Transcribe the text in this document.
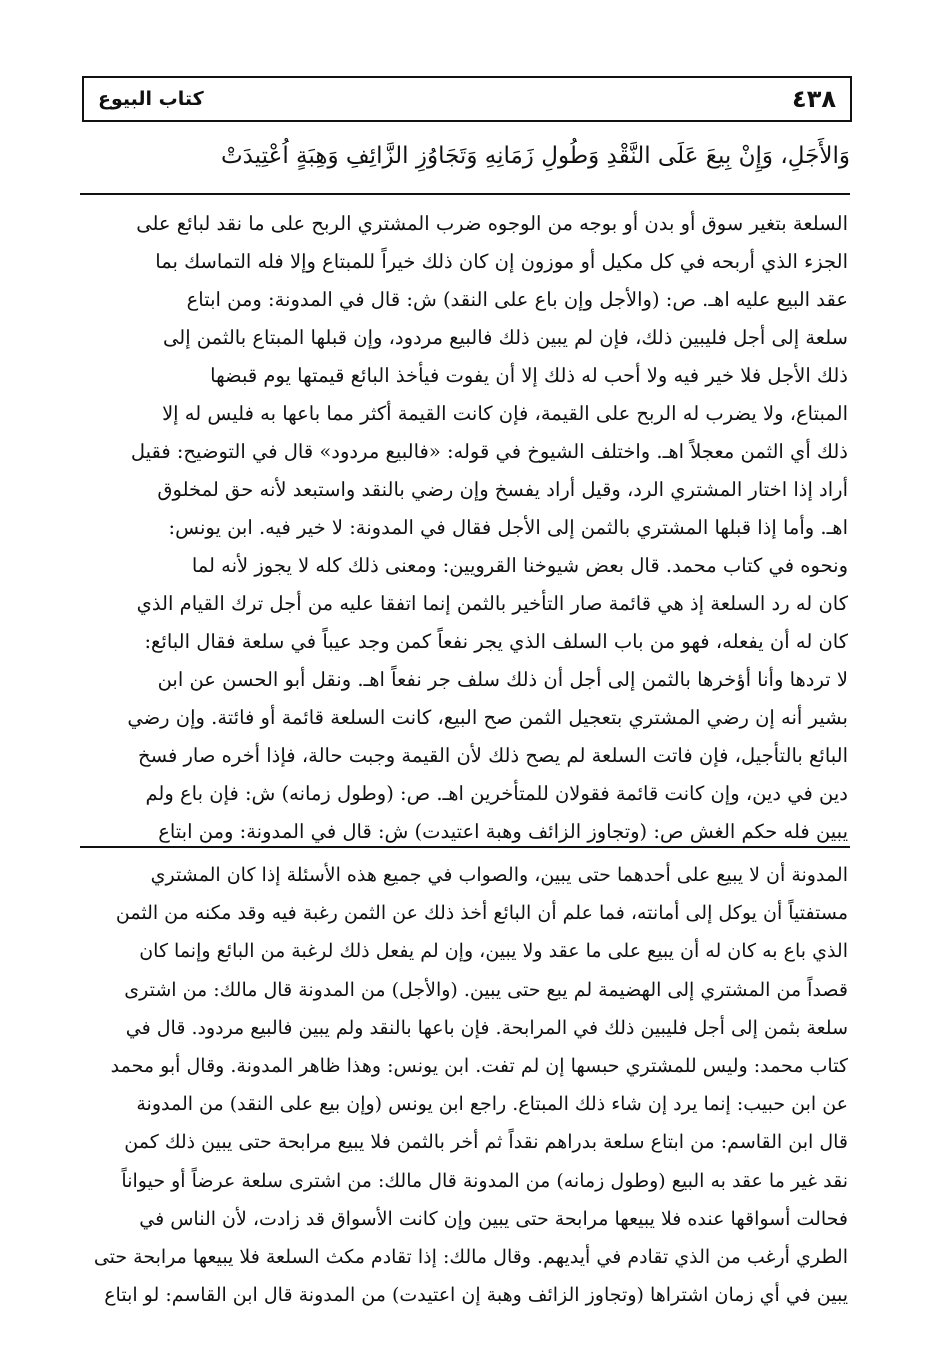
٤٣٨
كتاب البيوع
وَالأَجَلِ، وَإِنْ بِيعَ عَلَى النَّقْدِ وَطُولِ زَمَانِهِ وَتَجَاوُزِ الزَّائِفِ وَهِبَةٍ اُعْتِيدَتْ
السلعة بتغير سوق أو بدن أو بوجه من الوجوه ضرب المشتري الربح على ما نقد لبائع على
الجزء الذي أربحه في كل مكيل أو موزون إن كان ذلك خيراً للمبتاع وإلا فله التماسك بما
عقد البيع عليه اهـ. ص: (والأجل وإن باع على النقد) ش: قال في المدونة: ومن ابتاع
سلعة إلى أجل فليبين ذلك، فإن لم يبين ذلك فالبيع مردود، وإن قبلها المبتاع بالثمن إلى
ذلك الأجل فلا خير فيه ولا أحب له ذلك إلا أن يفوت فيأخذ البائع قيمتها يوم قبضها
المبتاع، ولا يضرب له الربح على القيمة، فإن كانت القيمة أكثر مما باعها به فليس له إلا
ذلك أي الثمن معجلاً اهـ. واختلف الشيوخ في قوله: «فالبيع مردود» قال في التوضيح: فقيل
أراد إذا اختار المشتري الرد، وقيل أراد يفسخ وإن رضي بالنقد واستبعد لأنه حق لمخلوق
اهـ. وأما إذا قبلها المشتري بالثمن إلى الأجل فقال في المدونة: لا خير فيه. ابن يونس:
ونحوه في كتاب محمد. قال بعض شيوخنا القرويين: ومعنى ذلك كله لا يجوز لأنه لما
كان له رد السلعة إذ هي قائمة صار التأخير بالثمن إنما اتفقا عليه من أجل ترك القيام الذي
كان له أن يفعله، فهو من باب السلف الذي يجر نفعاً كمن وجد عيباً في سلعة فقال البائع:
لا تردها وأنا أؤخرها بالثمن إلى أجل أن ذلك سلف جر نفعاً اهـ. ونقل أبو الحسن عن ابن
بشير أنه إن رضي المشتري بتعجيل الثمن صح البيع، كانت السلعة قائمة أو فائتة. وإن رضي
البائع بالتأجيل، فإن فاتت السلعة لم يصح ذلك لأن القيمة وجبت حالة، فإذا أخره صار فسخ
دين في دين، وإن كانت قائمة فقولان للمتأخرين اهـ. ص: (وطول زمانه) ش: فإن باع ولم
يبين فله حكم الغش ص: (وتجاوز الزائف وهبة اعتيدت) ش: قال في المدونة: ومن ابتاع
المدونة أن لا يبيع على أحدهما حتى يبين، والصواب في جميع هذه الأسئلة إذا كان المشتري
مستفتياً أن يوكل إلى أمانته، فما علم أن البائع أخذ ذلك عن الثمن رغبة فيه وقد مكنه من الثمن
الذي باع به كان له أن يبيع على ما عقد ولا يبين، وإن لم يفعل ذلك لرغبة من البائع وإنما كان
قصداً من المشتري إلى الهضيمة لم يبع حتى يبين. (والأجل) من المدونة قال مالك: من اشترى
سلعة بثمن إلى أجل فليبين ذلك في المرابحة. فإن باعها بالنقد ولم يبين فالبيع مردود. قال في
كتاب محمد: وليس للمشتري حبسها إن لم تفت. ابن يونس: وهذا ظاهر المدونة. وقال أبو محمد
عن ابن حبيب: إنما يرد إن شاء ذلك المبتاع. راجع ابن يونس (وإن بيع على النقد) من المدونة
قال ابن القاسم: من ابتاع سلعة بدراهم نقداً ثم أخر بالثمن فلا يبيع مرابحة حتى يبين ذلك كمن
نقد غير ما عقد به البيع (وطول زمانه) من المدونة قال مالك: من اشترى سلعة عرضاً أو حيواناً
فحالت أسواقها عنده فلا يبيعها مرابحة حتى يبين وإن كانت الأسواق قد زادت، لأن الناس في
الطري أرغب من الذي تقادم في أيديهم. وقال مالك: إذا تقادم مكث السلعة فلا يبيعها مرابحة حتى
يبين في أي زمان اشتراها (وتجاوز الزائف وهبة إن اعتيدت) من المدونة قال ابن القاسم: لو ابتاع
